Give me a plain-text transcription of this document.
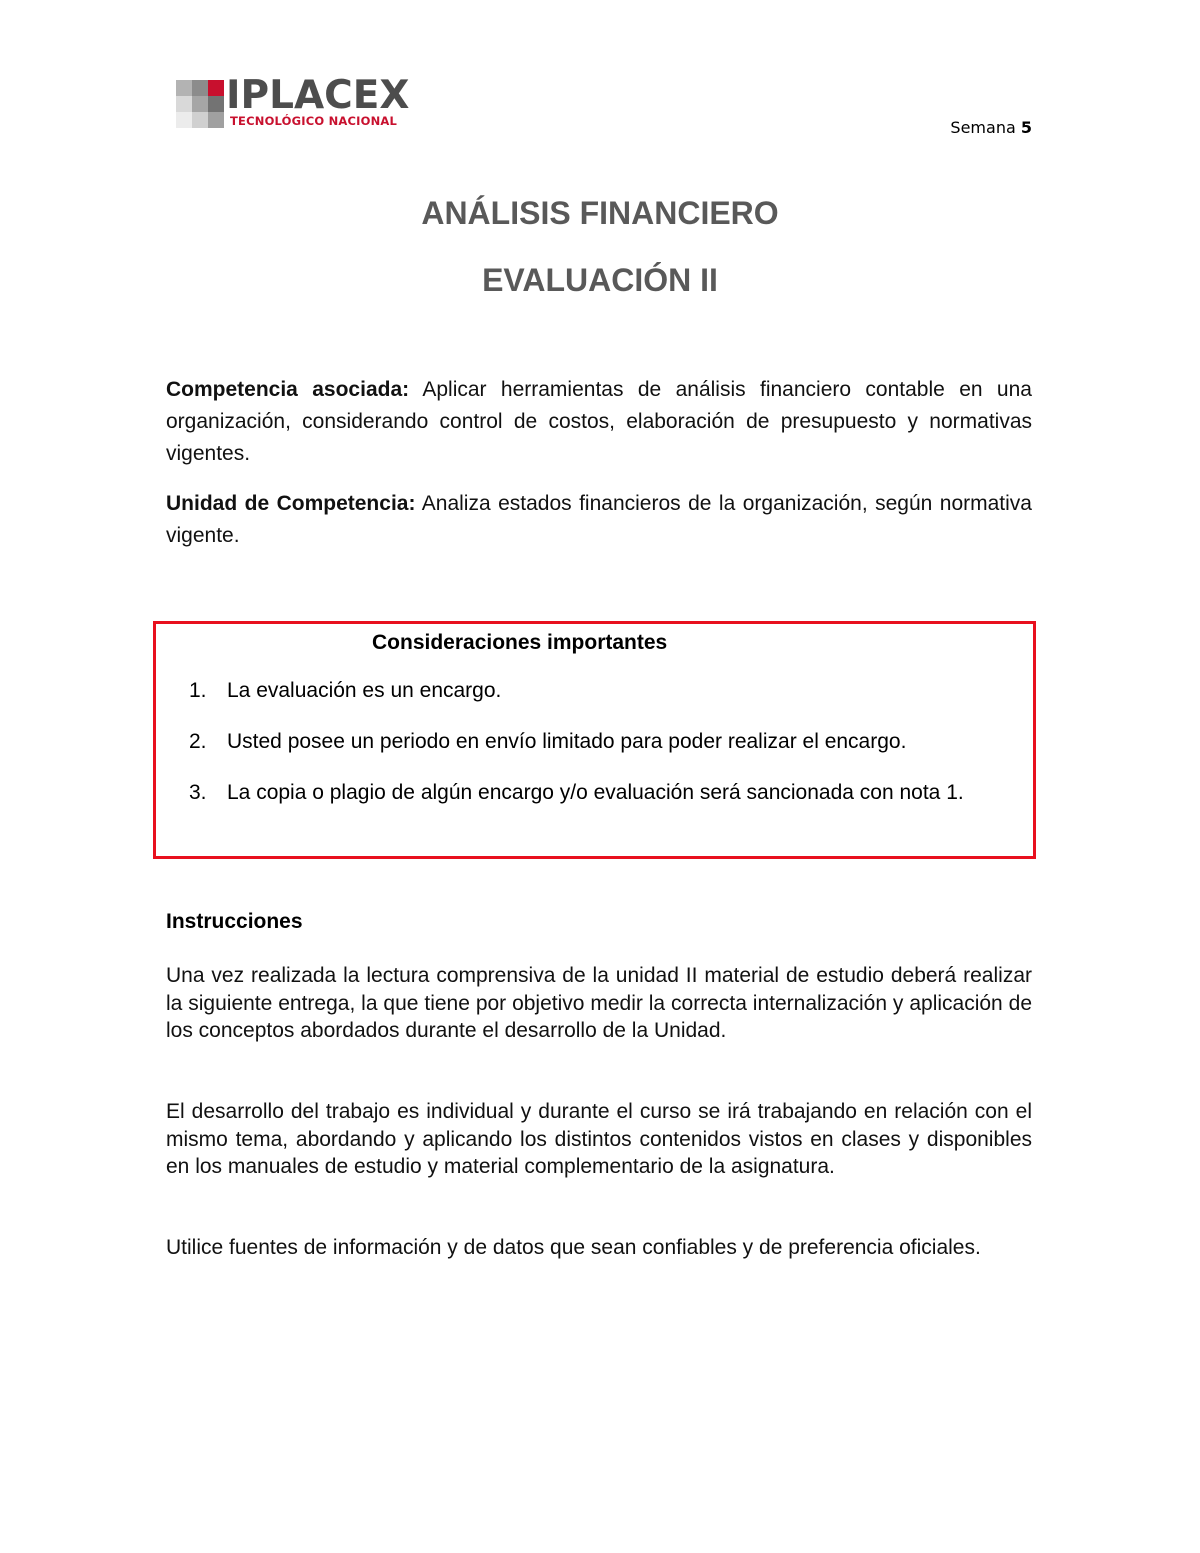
IPLACEX
TECNOLÓGICO NACIONAL	Semana 5
ANÁLISIS FINANCIERO
EVALUACIÓN II

Competencia asociada: Aplicar herramientas de análisis financiero contable en una organización, considerando control de costos, elaboración de presupuesto y normativas vigentes.

Unidad de Competencia: Analiza estados financieros de la organización, según normativa vigente.

Consideraciones importantes
1. La evaluación es un encargo.
2. Usted posee un periodo en envío limitado para poder realizar el encargo.
3. La copia o plagio de algún encargo y/o evaluación será sancionada con nota 1.
Instrucciones

Una vez realizada la lectura comprensiva de la unidad II material de estudio deberá realizar la siguiente entrega, la que tiene por objetivo medir la correcta internalización y aplicación de los conceptos abordados durante el desarrollo de la Unidad.

El desarrollo del trabajo es individual y durante el curso se irá trabajando en relación con el mismo tema, abordando y aplicando los distintos contenidos vistos en clases y disponibles en los manuales de estudio y material complementario de la asignatura.

Utilice fuentes de información y de datos que sean confiables y de preferencia oficiales.
